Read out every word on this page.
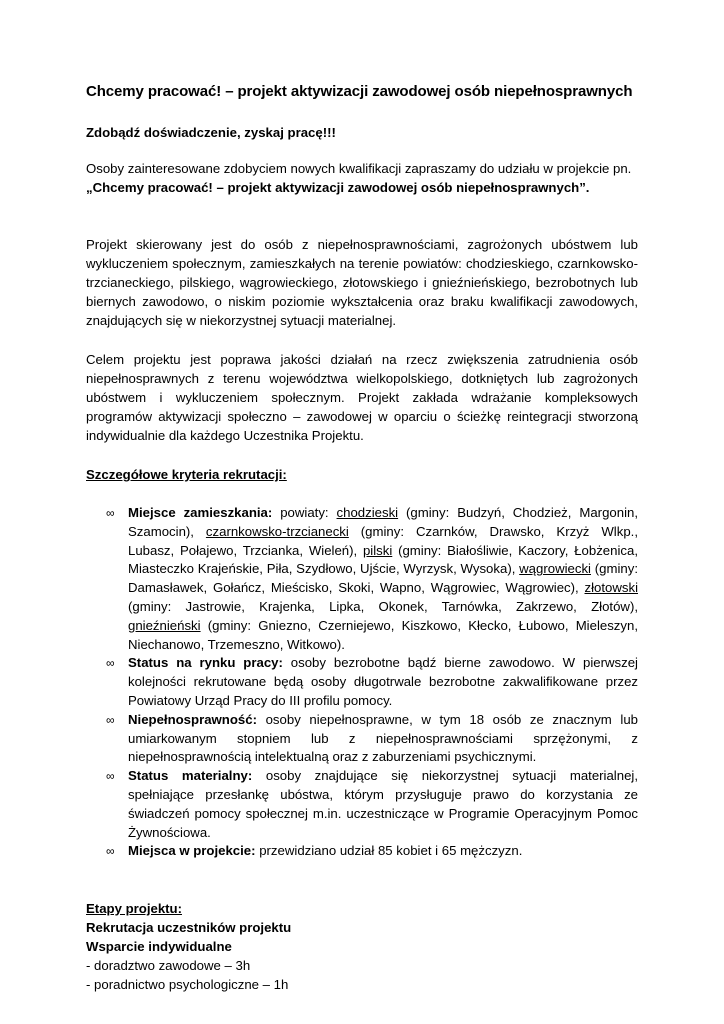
Chcemy pracować! – projekt aktywizacji zawodowej osób niepełnosprawnych
Zdobądź doświadczenie, zyskaj pracę!!!

Osoby zainteresowane zdobyciem nowych kwalifikacji zapraszamy do udziału w projekcie pn.
„Chcemy pracować! – projekt aktywizacji zawodowej osób niepełnosprawnych”.

Projekt skierowany jest do osób z niepełnosprawnościami, zagrożonych ubóstwem lub wykluczeniem społecznym, zamieszkałych na terenie powiatów: chodzieskiego, czarnkowsko-trzcianeckiego, pilskiego, wągrowieckiego, złotowskiego i gnieźnieńskiego, bezrobotnych lub biernych zawodowo, o niskim poziomie wykształcenia oraz braku kwalifikacji zawodowych, znajdujących się w niekorzystnej sytuacji materialnej.

Celem projektu jest poprawa jakości działań na rzecz zwiększenia zatrudnienia osób niepełnosprawnych z terenu województwa wielkopolskiego, dotkniętych lub zagrożonych ubóstwem i wykluczeniem społecznym. Projekt zakłada wdrażanie kompleksowych programów aktywizacji społeczno – zawodowej w oparciu o ścieżkę reintegracji stworzoną indywidualnie dla każdego Uczestnika Projektu.

Szczegółowe kryteria rekrutacji:
∞ Miejsce zamieszkania: powiaty: chodzieski (gminy: Budzyń, Chodzież, Margonin, Szamocin), czarnkowsko-trzcianecki (gminy: Czarnków, Drawsko, Krzyż Wlkp., Lubasz, Połajewo, Trzcianka, Wieleń), pilski (gminy: Białośliwie, Kaczory, Łobżenica, Miasteczko Krajeńskie, Piła, Szydłowo, Ujście, Wyrzysk, Wysoka), wągrowiecki (gminy: Damasławek, Gołańcz, Mieścisko, Skoki, Wapno, Wągrowiec, Wągrowiec), złotowski (gminy: Jastrowie, Krajenka, Lipka, Okonek, Tarnówka, Zakrzewo, Złotów), gnieźnieński (gminy: Gniezno, Czerniejewo, Kiszkowo, Kłecko, Łubowo, Mieleszyn, Niechanowo, Trzemeszno, Witkowo).
∞ Status na rynku pracy: osoby bezrobotne bądź bierne zawodowo. W pierwszej kolejności rekrutowane będą osoby długotrwale bezrobotne zakwalifikowane przez Powiatowy Urząd Pracy do III profilu pomocy.
∞ Niepełnosprawność: osoby niepełnosprawne, w tym 18 osób ze znacznym lub umiarkowanym stopniem lub z niepełnosprawnościami sprzężonymi, z niepełnosprawnością intelektualną oraz z zaburzeniami psychicznymi.
∞ Status materialny: osoby znajdujące się niekorzystnej sytuacji materialnej, spełniające przesłankę ubóstwa, którym przysługuje prawo do korzystania ze świadczeń pomocy społecznej m.in. uczestniczące w Programie Operacyjnym Pomoc Żywnościowa.
∞ Miejsca w projekcie: przewidziano udział 85 kobiet i 65 mężczyzn.

Etapy projektu:

Rekrutacja uczestników projektu

Wsparcie indywidualne

- doradztwo zawodowe – 3h

- poradnictwo psychologiczne – 1h
